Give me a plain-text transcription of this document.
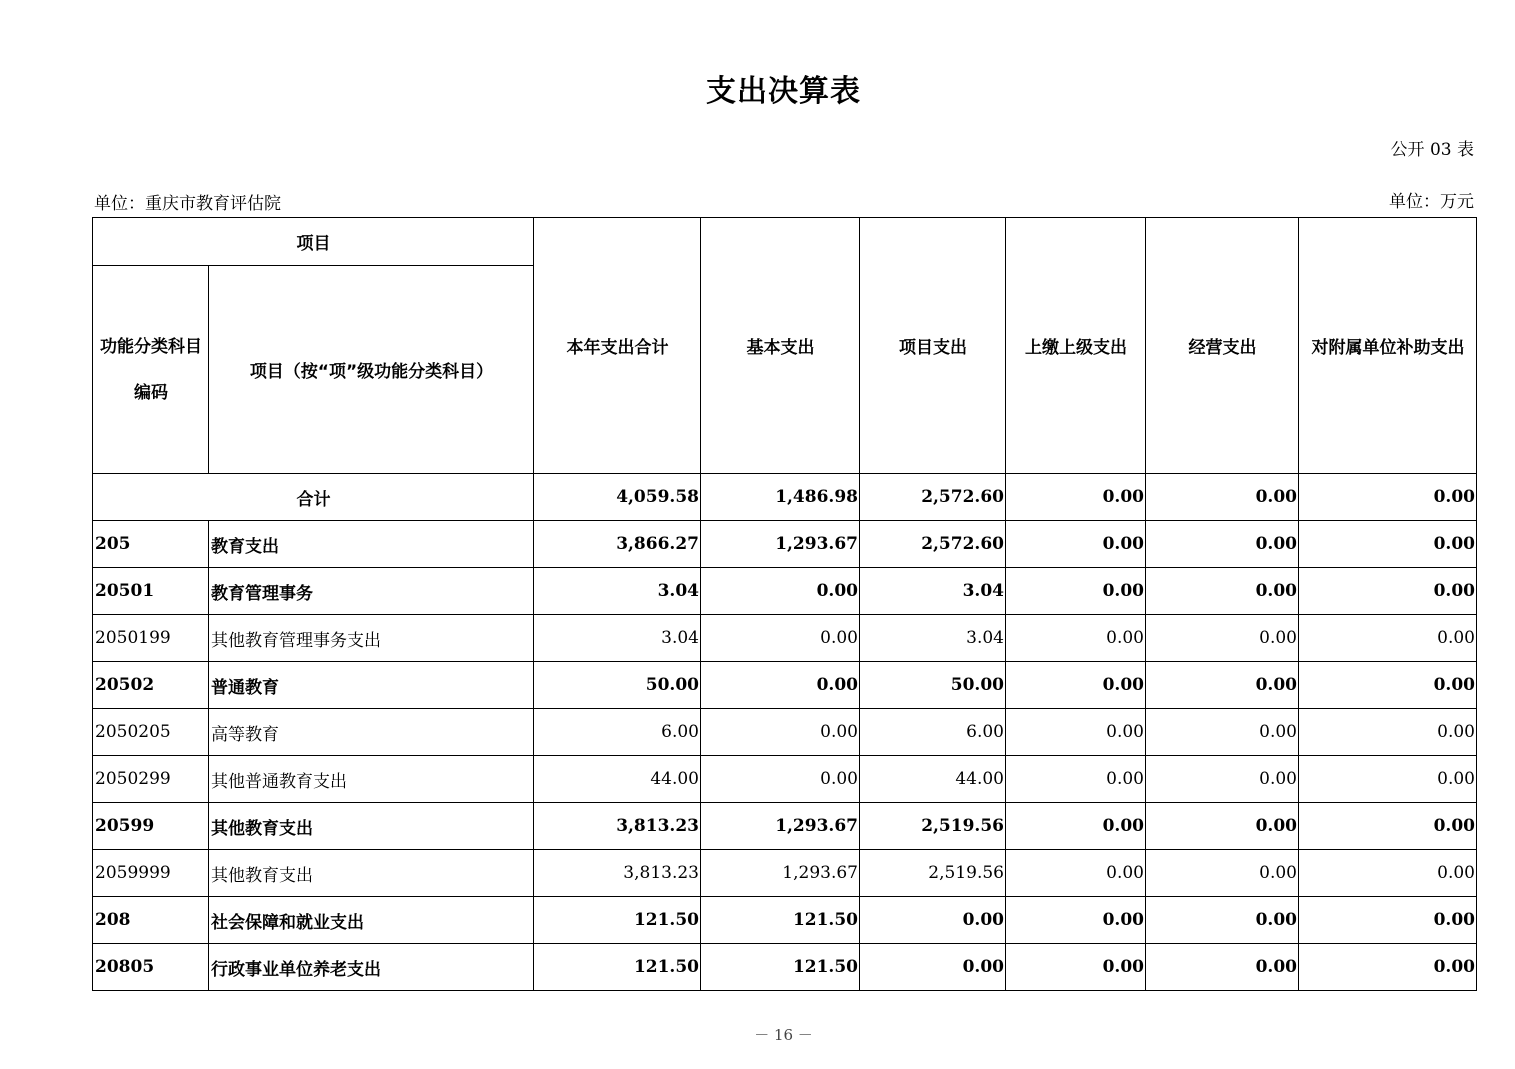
支出决算表
公开 03 表
单位：重庆市教育评估院	单位：万元
项目		本年支出合计	基本支出	项目支出	上缴上级支出	经营支出	对附属单位补助支出
功能分类科目编码	项目（按“项”级功能分类科目）						
合计		4,059.58	1,486.98	2,572.60	0.00	0.00	0.00
205	教育支出	3,866.27	1,293.67	2,572.60	0.00	0.00	0.00
20501	教育管理事务	3.04	0.00	3.04	0.00	0.00	0.00
2050199	其他教育管理事务支出	3.04	0.00	3.04	0.00	0.00	0.00
20502	普通教育	50.00	0.00	50.00	0.00	0.00	0.00
2050205	高等教育	6.00	0.00	6.00	0.00	0.00	0.00
2050299	其他普通教育支出	44.00	0.00	44.00	0.00	0.00	0.00
20599	其他教育支出	3,813.23	1,293.67	2,519.56	0.00	0.00	0.00
2059999	其他教育支出	3,813.23	1,293.67	2,519.56	0.00	0.00	0.00
208	社会保障和就业支出	121.50	121.50	0.00	0.00	0.00	0.00
20805	行政事业单位养老支出	121.50	121.50	0.00	0.00	0.00	0.00
－ 16 －
